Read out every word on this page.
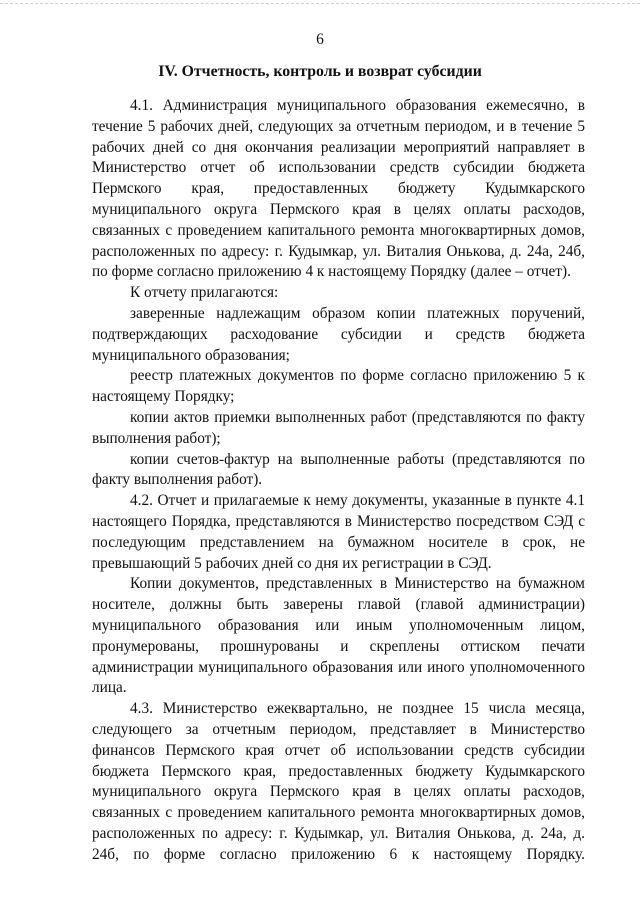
6
IV. Отчетность, контроль и возврат субсидии

4.1. Администрация муниципального образования ежемесячно, в течение 5 рабочих дней, следующих за отчетным периодом, и в течение 5 рабочих дней со дня окончания реализации мероприятий направляет в Министерство отчет об использовании средств субсидии бюджета Пермского края, предоставленных бюджету Кудымкарского муниципального округа Пермского края в целях оплаты расходов, связанных с проведением капитального ремонта многоквартирных домов, расположенных по адресу: г. Кудымкар, ул. Виталия Онькова, д. 24а, 24б, по форме согласно приложению 4 к настоящему Порядку (далее – отчет).

К отчету прилагаются:

заверенные надлежащим образом копии платежных поручений, подтверждающих расходование субсидии и средств бюджета муниципального образования;

реестр платежных документов по форме согласно приложению 5 к настоящему Порядку;

копии актов приемки выполненных работ (представляются по факту выполнения работ);

копии счетов-фактур на выполненные работы (представляются по факту выполнения работ).

4.2. Отчет и прилагаемые к нему документы, указанные в пункте 4.1 настоящего Порядка, представляются в Министерство посредством СЭД с последующим представлением на бумажном носителе в срок, не превышающий 5 рабочих дней со дня их регистрации в СЭД.

Копии документов, представленных в Министерство на бумажном носителе, должны быть заверены главой (главой администрации) муниципального образования или иным уполномоченным лицом, пронумерованы, прошнурованы и скреплены оттиском печати администрации муниципального образования или иного уполномоченного лица.

4.3. Министерство ежеквартально, не позднее 15 числа месяца, следующего за отчетным периодом, представляет в Министерство финансов Пермского края отчет об использовании средств субсидии бюджета Пермского края, предоставленных бюджету Кудымкарского муниципального округа Пермского края в целях оплаты расходов, связанных с проведением капитального ремонта многоквартирных домов, расположенных по адресу: г. Кудымкар, ул. Виталия Онькова, д. 24а, д. 24б, по форме согласно приложению 6 к настоящему Порядку.
